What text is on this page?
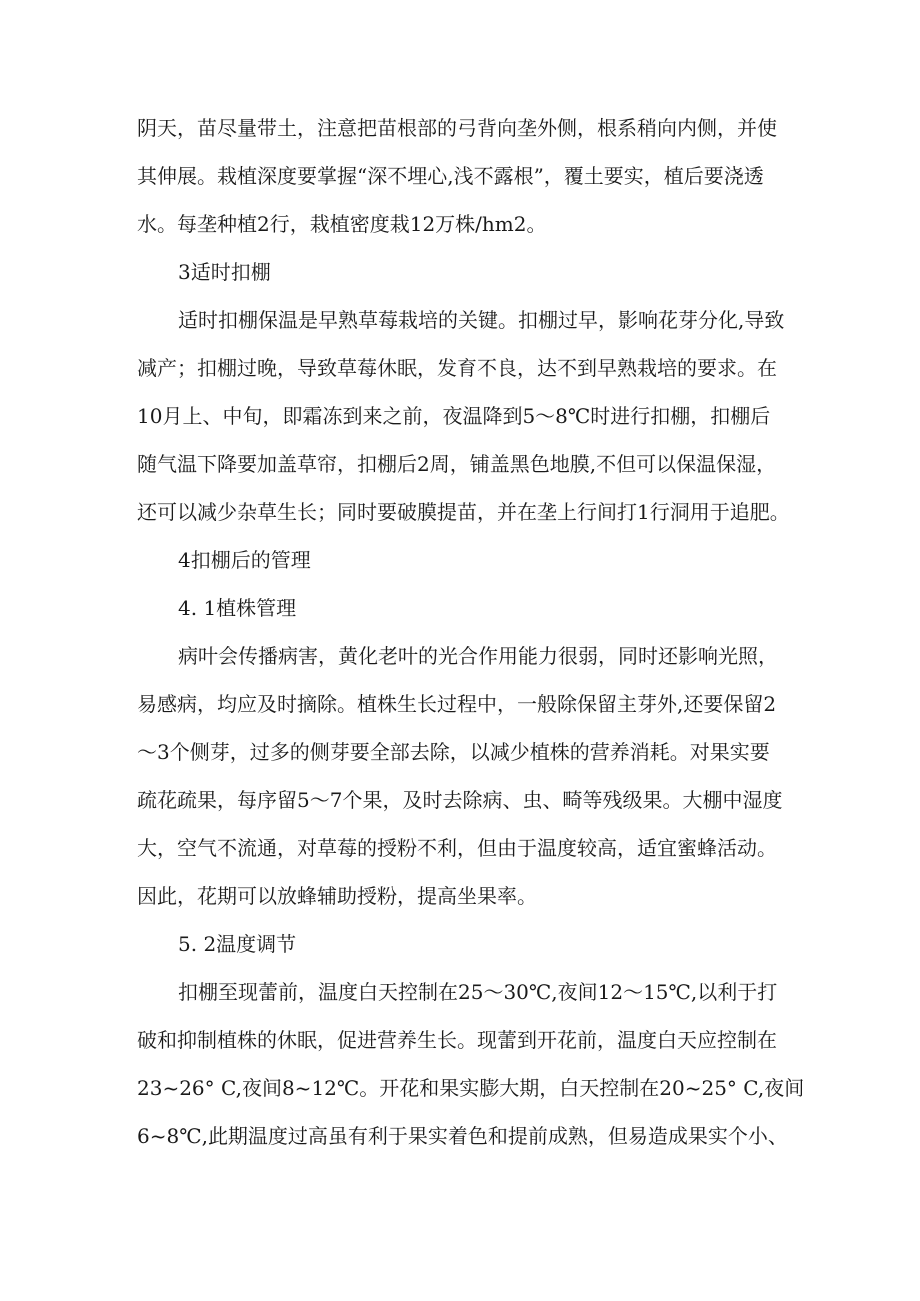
阴天，苗尽量带土，注意把苗根部的弓背向垄外侧，根系稍向内侧，并使
其伸展。栽植深度要掌握“深不埋心,浅不露根”，覆土要实，植后要浇透
水。每垄种植2行，栽植密度栽12万株/hm2。
3适时扣棚
适时扣棚保温是早熟草莓栽培的关键。扣棚过早，影响花芽分化,导致
减产；扣棚过晚，导致草莓休眠，发育不良，达不到早熟栽培的要求。在
10月上、中旬，即霜冻到来之前，夜温降到5～8℃时进行扣棚，扣棚后
随气温下降要加盖草帘，扣棚后2周，铺盖黑色地膜,不但可以保温保湿，
还可以减少杂草生长；同时要破膜提苗，并在垄上行间打1行洞用于追肥。
4扣棚后的管理
4. 1植株管理
病叶会传播病害，黄化老叶的光合作用能力很弱，同时还影响光照，
易感病，均应及时摘除。植株生长过程中，一般除保留主芽外,还要保留2
～3个侧芽，过多的侧芽要全部去除，以减少植株的营养消耗。对果实要
疏花疏果，每序留5～7个果，及时去除病、虫、畸等残级果。大棚中湿度
大，空气不流通，对草莓的授粉不利，但由于温度较高，适宜蜜蜂活动。
因此，花期可以放蜂辅助授粉，提高坐果率。
5. 2温度调节
扣棚至现蕾前，温度白天控制在25～30℃,夜间12～15℃,以利于打
破和抑制植株的休眠，促进营养生长。现蕾到开花前，温度白天应控制在
23~26° C,夜间8~12℃。开花和果实膨大期，白天控制在20~25° C,夜间
6~8℃,此期温度过高虽有利于果实着色和提前成熟，但易造成果实个小、
